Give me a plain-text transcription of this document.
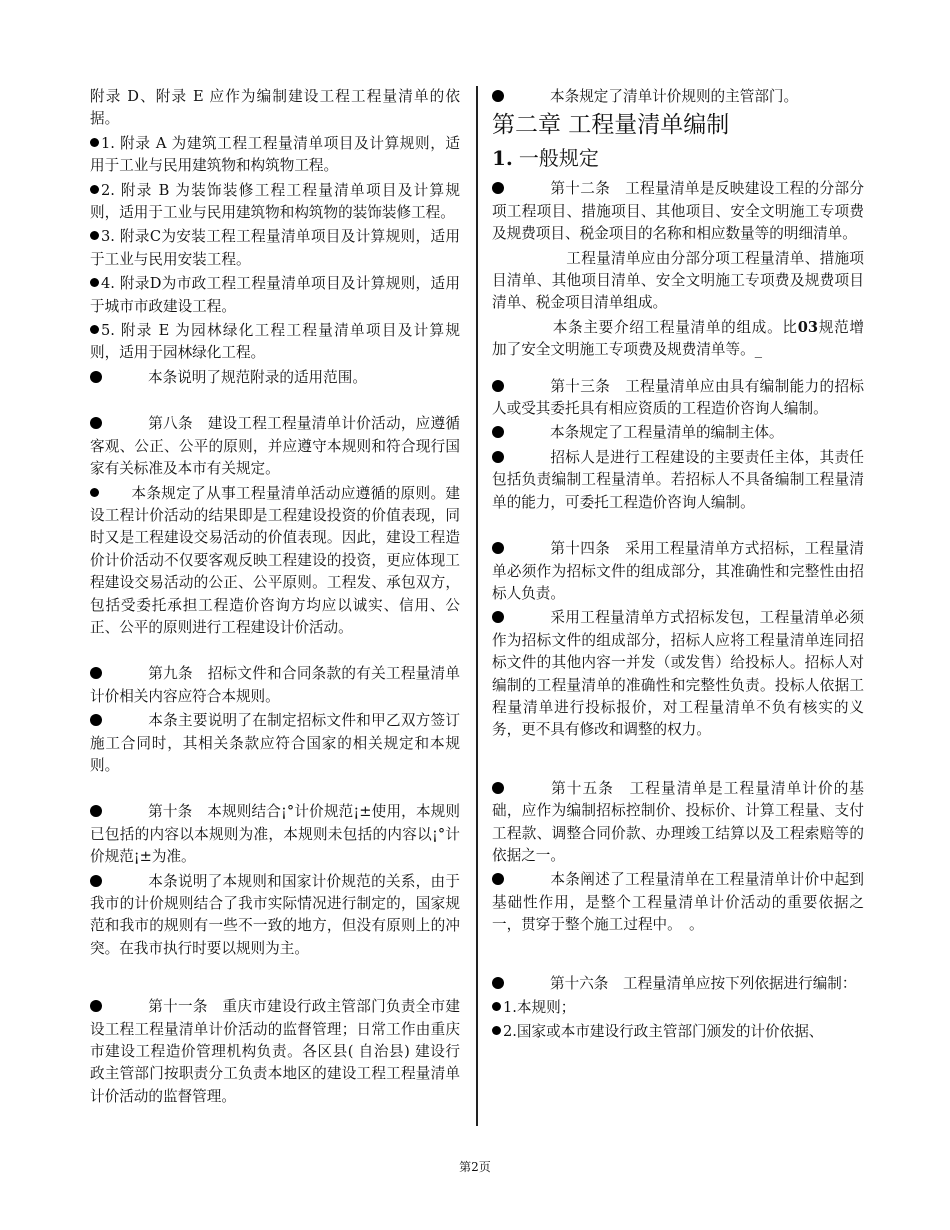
附录 D、附录 E 应作为编制建设工程工程量清单的依据。

1. 附录 A 为建筑工程工程量清单项目及计算规则，适用于工业与民用建筑物和构筑物工程。

2. 附录 B 为装饰装修工程工程量清单项目及计算规则，适用于工业与民用建筑物和构筑物的装饰装修工程。

3. 附录C为安装工程工程量清单项目及计算规则，适用于工业与民用安装工程。

4. 附录D为市政工程工程量清单项目及计算规则，适用于城市市政建设工程。

5. 附录 E 为园林绿化工程工程量清单项目及计算规则，适用于园林绿化工程。

本条说明了规范附录的适用范围。

第八条　建设工程工程量清单计价活动，应遵循客观、公正、公平的原则，并应遵守本规则和符合现行国家有关标准及本市有关规定。

本条规定了从事工程量清单活动应遵循的原则。建设工程计价活动的结果即是工程建设投资的价值表现，同时又是工程建设交易活动的价值表现。因此，建设工程造价计价活动不仅要客观反映工程建设的投资，更应体现工程建设交易活动的公正、公平原则。工程发、承包双方，包括受委托承担工程造价咨询方均应以诚实、信用、公正、公平的原则进行工程建设计价活动。

第九条　招标文件和合同条款的有关工程量清单计价相关内容应符合本规则。

本条主要说明了在制定招标文件和甲乙双方签订施工合同时，其相关条款应符合国家的相关规定和本规则。

第十条　本规则结合¡°计价规范¡±使用，本规则已包括的内容以本规则为准，本规则未包括的内容以¡°计价规范¡±为准。

本条说明了本规则和国家计价规范的关系，由于我市的计价规则结合了我市实际情况进行制定的，国家规范和我市的规则有一些不一致的地方，但没有原则上的冲突。在我市执行时要以规则为主。

第十一条　重庆市建设行政主管部门负责全市建设工程工程量清单计价活动的监督管理；日常工作由重庆市建设工程造价管理机构负责。各区县( 自治县) 建设行政主管部门按职责分工负责本地区的建设工程工程量清单计价活动的监督管理。

本条规定了清单计价规则的主管部门。

第二章 工程量清单编制
1. 一般规定

第十二条　工程量清单是反映建设工程的分部分项工程项目、措施项目、其他项目、安全文明施工专项费及规费项目、税金项目的名称和相应数量等的明细清单。

工程量清单应由分部分项工程量清单、措施项目清单、其他项目清单、安全文明施工专项费及规费项目清单、税金项目清单组成。

本条主要介绍工程量清单的组成。比03规范增加了安全文明施工专项费及规费清单等。_

第十三条　工程量清单应由具有编制能力的招标人或受其委托具有相应资质的工程造价咨询人编制。

本条规定了工程量清单的编制主体。

招标人是进行工程建设的主要责任主体，其责任包括负责编制工程量清单。若招标人不具备编制工程量清单的能力，可委托工程造价咨询人编制。

第十四条　采用工程量清单方式招标，工程量清单必须作为招标文件的组成部分，其准确性和完整性由招标人负责。

采用工程量清单方式招标发包，工程量清单必须作为招标文件的组成部分，招标人应将工程量清单连同招标文件的其他内容一并发（或发售）给投标人。招标人对编制的工程量清单的准确性和完整性负责。投标人依据工程量清单进行投标报价，对工程量清单不负有核实的义务，更不具有修改和调整的权力。

第十五条　工程量清单是工程量清单计价的基础，应作为编制招标控制价、投标价、计算工程量、支付工程款、调整合同价款、办理竣工结算以及工程索赔等的依据之一。

本条阐述了工程量清单在工程量清单计价中起到基础性作用，是整个工程量清单计价活动的重要依据之一，贯穿于整个施工过程中。　。

第十六条　工程量清单应按下列依据进行编制：

1.本规则；

2.国家或本市建设行政主管部门颁发的计价依据、

第2页
